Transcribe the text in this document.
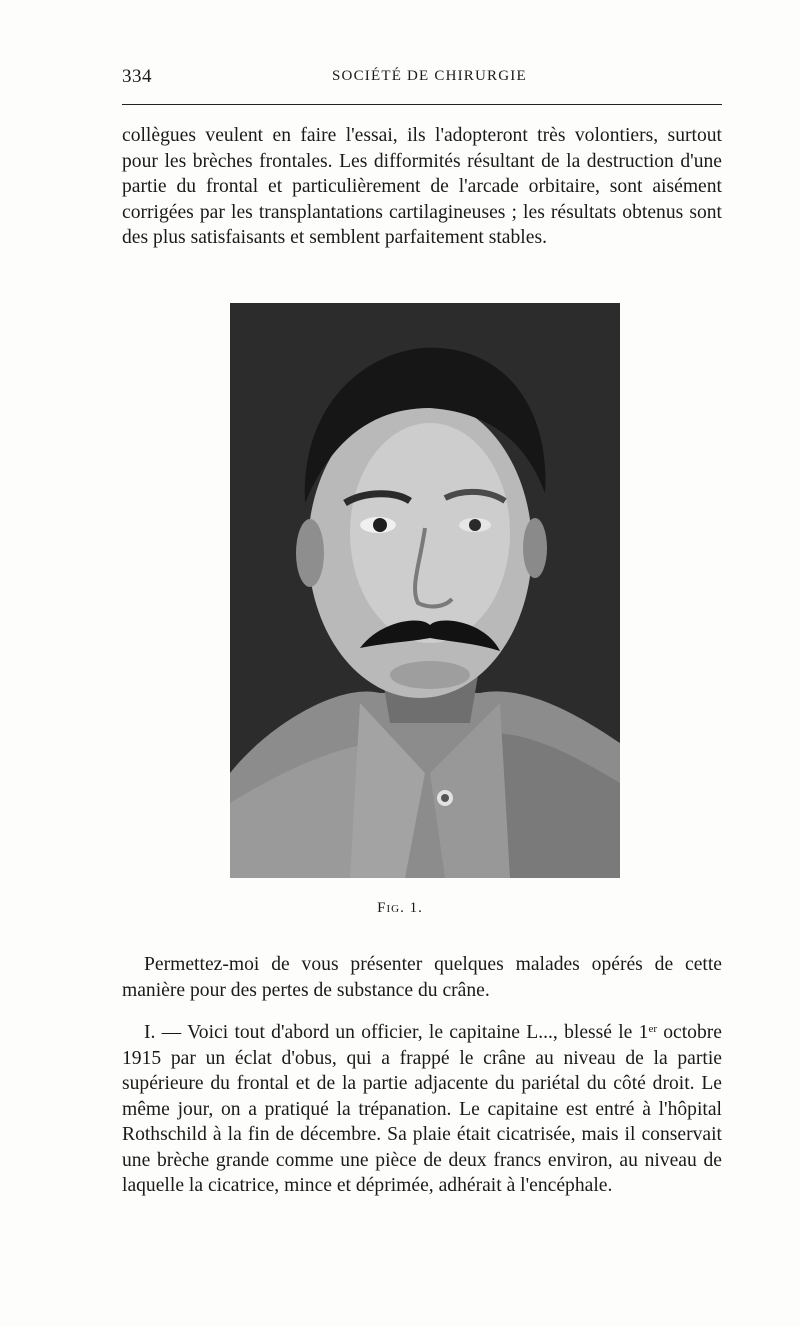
334	SOCIÉTÉ DE CHIRURGIE

collègues veulent en faire l'essai, ils l'adopteront très volontiers, surtout pour les brèches frontales. Les difformités résultant de la destruction d'une partie du frontal et particulièrement de l'arcade orbitaire, sont aisément corrigées par les transplantations cartilagineuses ; les résultats obtenus sont des plus satisfaisants et semblent parfaitement stables.

Fig. 1.

Permettez-moi de vous présenter quelques malades opérés de cette manière pour des pertes de substance du crâne.

I. — Voici tout d'abord un officier, le capitaine L..., blessé le 1er octobre 1915 par un éclat d'obus, qui a frappé le crâne au niveau de la partie supérieure du frontal et de la partie adjacente du pariétal du côté droit. Le même jour, on a pratiqué la trépanation. Le capitaine est entré à l'hôpital Rothschild à la fin de décembre. Sa plaie était cicatrisée, mais il conservait une brèche grande comme une pièce de deux francs environ, au niveau de laquelle la cicatrice, mince et déprimée, adhérait à l'encéphale.
